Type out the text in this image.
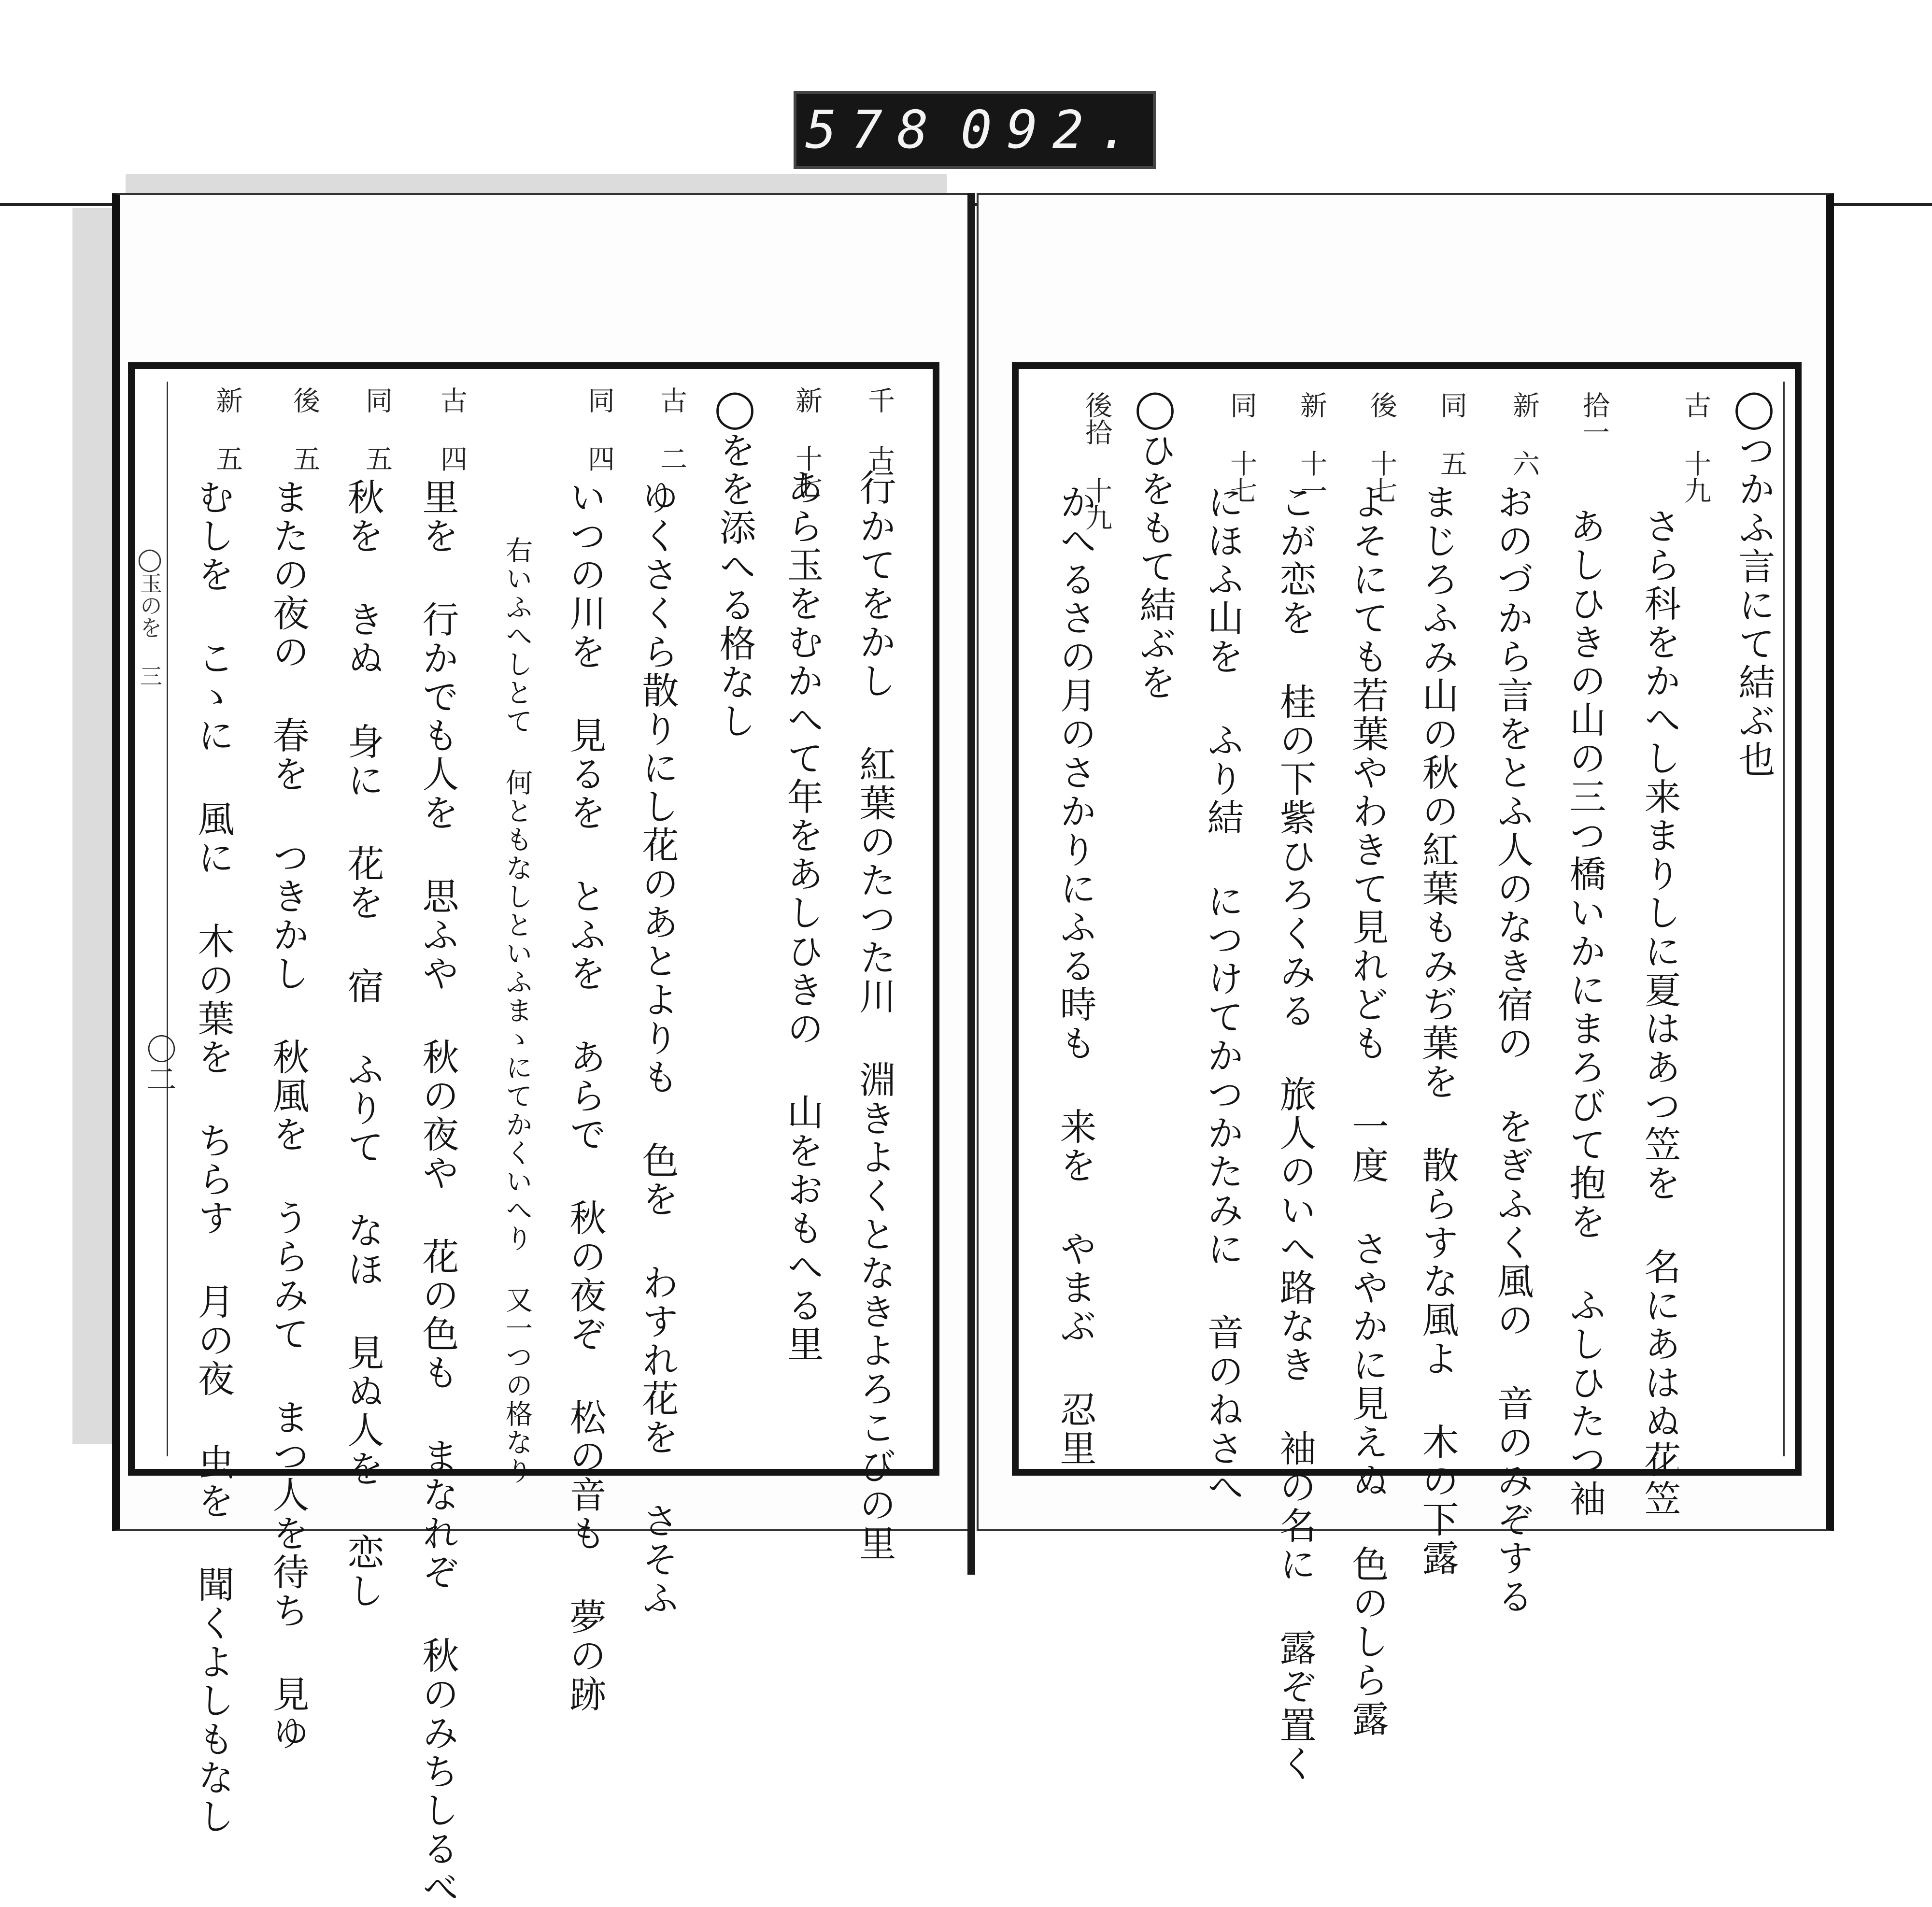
578 092.
◯つかふ言にて結ぶ也
古 十九
さら科をかへし来まりしに夏はあつ笠を 名にあはぬ花笠
拾一
あしひきの山の三つ橋いかにまろびて抱を ふしひたつ袖
新 六
おのづから言をとふ人のなき宿の をぎふく風の 音のみぞする
同 五
まじろふみ山の秋の紅葉もみぢ葉を 散らすな風よ 木の下露
後 十七
よそにても若葉やわきて見れども 一度 さやかに見えぬ 色のしら露
新 十一
こが恋を 桂の下紫ひろくみる 旅人のいへ路なき 袖の名に 露ぞ置く
同 十七
にほふ山を ふり結 につけてかつかたみに 音のねさへ
◯ひをもて結ぶを
後拾 十九
かへるさの月のさかりにふる時も 来を やまぶ 忍里
千 古
行かてをかし 紅葉のたつた川 淵きよくとなきよろこびの里
新 十七
あら玉をむかへて年をあしひきの 山をおもへる里
◯をを添へる格なし
古 二
ゆくさくら散りにし花のあとよりも 色を わすれ花を さそふ
同 四
いつの川を 見るを とふを あらで 秋の夜ぞ 松の音も 夢の跡
右いふへしとて 何ともなしといふまゝにてかくいへり 又一つの格なり
古 四
里を 行かでも人を 思ふや 秋の夜や 花の色も まなれぞ 秋のみちしるべ
同 五
秋を きぬ 身に 花を 宿 ふりて なほ 見ぬ人を 恋し
後 五
またの夜の 春を つきかし 秋風を うらみて まつ人を待ち 見ゆ
新 五
むしを こゝに 風に 木の葉を ちらす 月の夜 虫を 聞くよしもなし
◯玉のを 三
〇二
